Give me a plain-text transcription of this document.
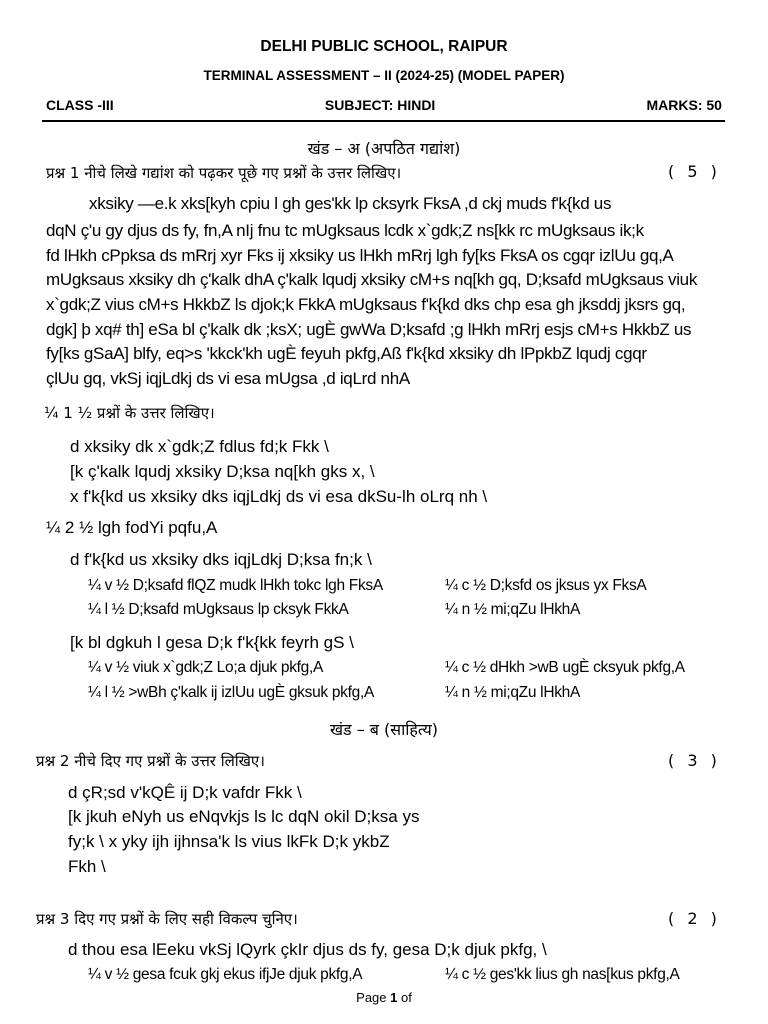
DELHI PUBLIC SCHOOL, RAIPUR
TERMINAL ASSESSMENT – II (2024-25) (MODEL PAPER)
CLASS -III	SUBJECT: HINDI	MARKS: 50
खंड – अ (अपठित गद्यांश)
प्रश्न 1 नीचे लिखे गद्यांश को पढ़कर पूछे गए प्रश्नों के उत्तर लिखिए।	( 5 )
xksiky —e.k xks[kyh cpiu l gh ges'kk lp cksyrk FksA ,d ckj muds f'k{kd us
dqN ç'u gy djus ds fy, fn,A nIj fnu tc mUgksaus lcdk x`gdk;Z ns[kk rc mUgksaus ik;k
fd lHkh cPpksa ds mRrj xyr Fks ij xksiky us lHkh mRrj lgh fy[ks FksA os cgqr izlUu gq,A
mUgksaus xksiky dh ç'kalk dhA ç'kalk lqudj xksiky cM+s nq[kh gq, D;ksafd mUgksaus viuk
x`gdk;Z vius cM+s HkkbZ ls djok;k FkkA mUgksaus f'k{kd dks chp esa gh jksddj jksrs gq,
dgk] þ xq# th] eSa bl ç'kalk dk ;ksX; ugÈ gwWa D;ksafd ;g lHkh mRrj esjs cM+s HkkbZ us
fy[ks gSaA] blfy, eq>s 'kkck'kh ugÈ feyuh pkfg,Aß f'k{kd xksiky dh lPpkbZ lqudj cgqr
çlUu gq, vkSj iqjLdkj ds vi esa mUgsa ,d iqLrd nhA
¼ 1 ½ प्रश्नों के उत्तर लिखिए।
d xksiky dk x`gdk;Z fdlus fd;k Fkk \
[k ç'kalk lqudj xksiky D;ksa nq[kh gks x, \
x f'k{kd us xksiky dks iqjLdkj ds vi esa dkSu-lh oLrq nh \
¼ 2 ½ lgh fodYi pqfu,A
d f'k{kd us xksiky dks iqjLdkj D;ksa fn;k \
¼ v ½ D;ksafd flQZ mudk lHkh tokc lgh FksA	¼ c ½ D;ksfd os jksus yx FksA
¼ l ½ D;ksafd mUgksaus lp cksyk FkkA	¼ n ½ mi;qZu lHkhA
[k bl dgkuh l gesa D;k f'k{kk feyrh gS \
¼ v ½ viuk x`gdk;Z Lo;a djuk pkfg,A	¼ c ½ dHkh >wB ugÈ cksyuk pkfg,A
¼ l ½ >wBh ç'kalk ij izlUu ugÈ gksuk pkfg,A	¼ n ½ mi;qZu lHkhA
खंड – ब (साहित्य)
प्रश्न 2 नीचे दिए गए प्रश्नों के उत्तर लिखिए।	( 3 )
d çR;sd v'kQÊ ij D;k vafdr Fkk \
[k jkuh eNyh us eNqvkjs ls lc dqN okil D;ksa ys
fy;k \ x yky ijh ijhnsa'k ls vius lkFk D;k ykbZ
Fkh \
प्रश्न 3 दिए गए प्रश्नों के लिए सही विकल्प चुनिए।	( 2 )
d thou esa lEeku vkSj lQyrk çkIr djus ds fy, gesa D;k djuk pkfg, \
¼ v ½ gesa fcuk gkj ekus ifjJe djuk pkfg,A	¼ c ½ ges'kk lius gh nas[kus pkfg,A
Page 1 of
